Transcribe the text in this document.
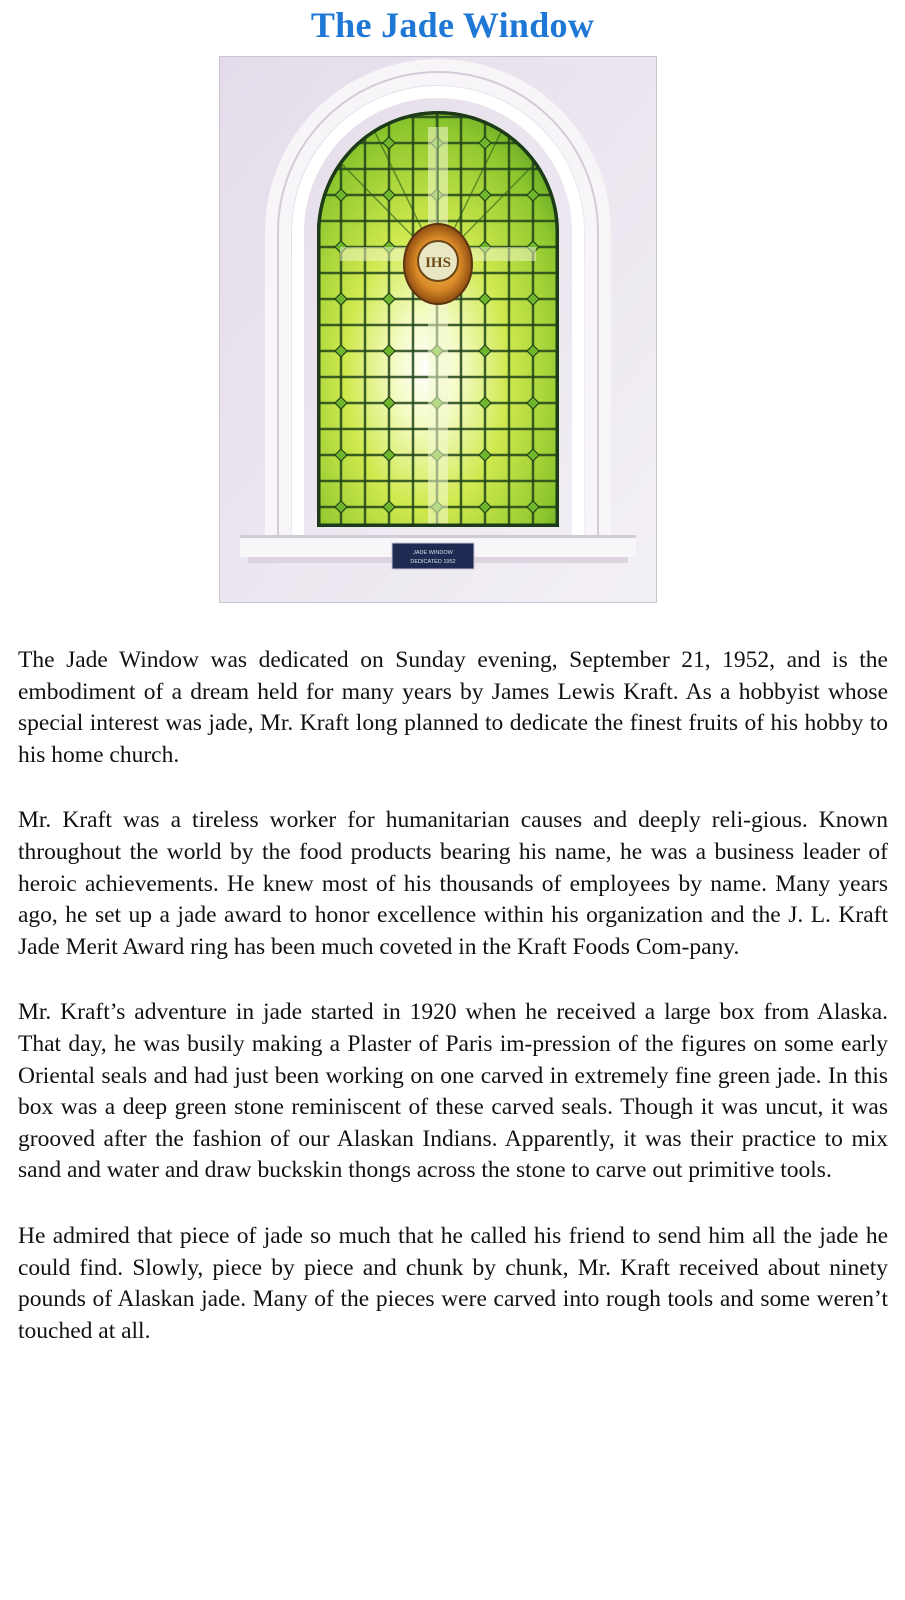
The Jade Window
IHS
JADE WINDOW
DEDICATED 1952

The Jade Window was dedicated on Sunday evening, September 21, 1952, and is the embodiment of a dream held for many years by James Lewis Kraft. As a hobbyist whose special interest was jade, Mr. Kraft long planned to dedicate the finest fruits of his hobby to his home church.

Mr. Kraft was a tireless worker for humanitarian causes and deeply reli-gious. Known throughout the world by the food products bearing his name, he was a business leader of heroic achievements. He knew most of his thousands of employees by name. Many years ago, he set up a jade award to honor excellence within his organization and the J. L. Kraft Jade Merit Award ring has been much coveted in the Kraft Foods Com-pany.

Mr. Kraft’s adventure in jade started in 1920 when he received a large box from Alaska. That day, he was busily making a Plaster of Paris im-pression of the figures on some early Oriental seals and had just been working on one carved in extremely fine green jade. In this box was a deep green stone reminiscent of these carved seals. Though it was uncut, it was grooved after the fashion of our Alaskan Indians. Apparently, it was their practice to mix sand and water and draw buckskin thongs across the stone to carve out primitive tools.

He admired that piece of jade so much that he called his friend to send him all the jade he could find. Slowly, piece by piece and chunk by chunk, Mr. Kraft received about ninety pounds of Alaskan jade. Many of the pieces were carved into rough tools and some weren’t touched at all.
